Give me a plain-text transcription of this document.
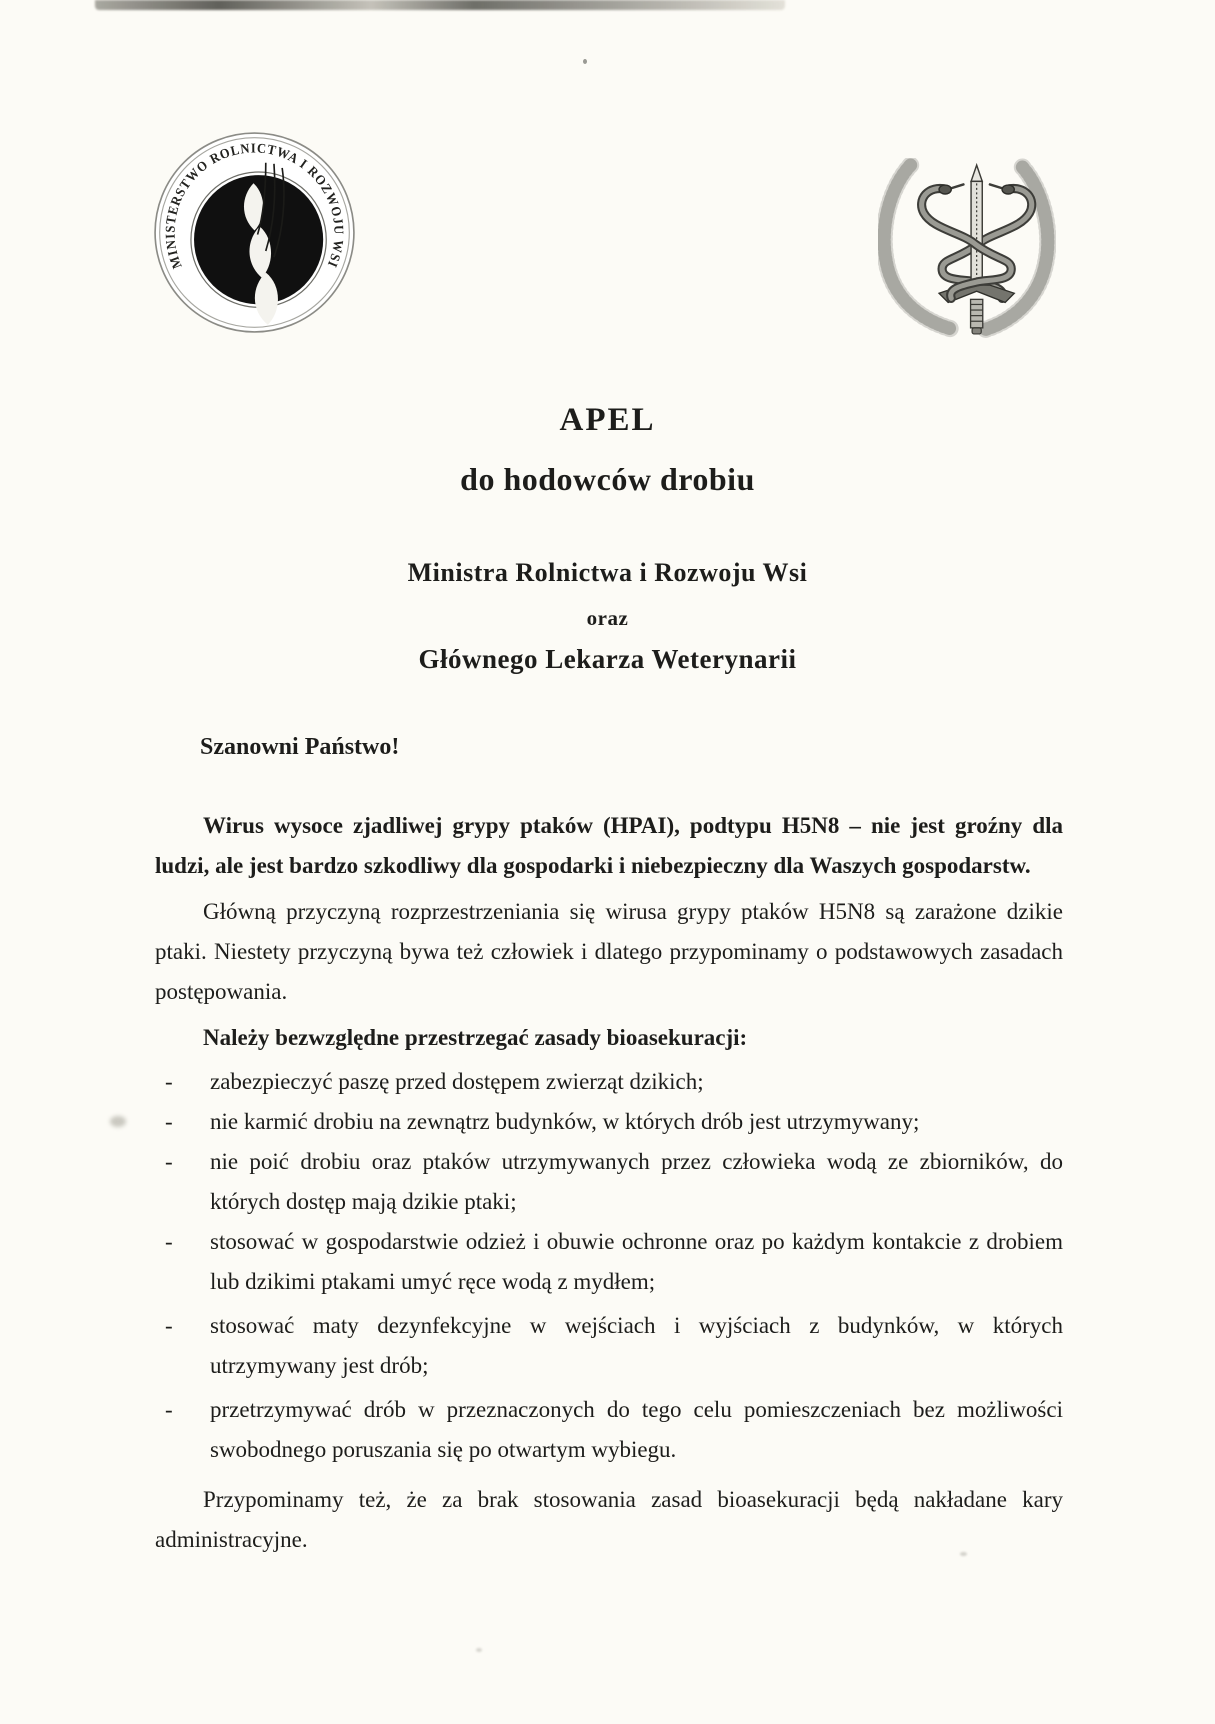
MINISTERSTWO ROLNICTWA I ROZWOJU WSI
APEL
do hodowców drobiu
Ministra Rolnictwa i Rozwoju Wsi
oraz
Głównego Lekarza Weterynarii
Szanowni Państwo!

Wirus wysoce zjadliwej grypy ptaków (HPAI), podtypu H5N8 – nie jest groźny dla ludzi, ale jest bardzo szkodliwy dla gospodarki i niebezpieczny dla Waszych gospodarstw.

Główną przyczyną rozprzestrzeniania się wirusa grypy ptaków H5N8 są zarażone dzikie ptaki. Niestety przyczyną bywa też człowiek i dlatego przypominamy o podstawowych zasadach postępowania.

Należy bezwzględne przestrzegać zasady bioasekuracji:

- zabezpieczyć paszę przed dostępem zwierząt dzikich;
- nie karmić drobiu na zewnątrz budynków, w których drób jest utrzymywany;
- nie poić drobiu oraz ptaków utrzymywanych przez człowieka wodą ze zbiorników, do których dostęp mają dzikie ptaki;
- stosować w gospodarstwie odzież i obuwie ochronne oraz po każdym kontakcie z drobiem lub dzikimi ptakami umyć ręce wodą z mydłem;
- stosować maty dezynfekcyjne w wejściach i wyjściach z budynków, w których utrzymywany jest drób;
- przetrzymywać drób w przeznaczonych do tego celu pomieszczeniach bez możliwości swobodnego poruszania się po otwartym wybiegu.

Przypominamy też, że za brak stosowania zasad bioasekuracji będą nakładane kary administracyjne.
